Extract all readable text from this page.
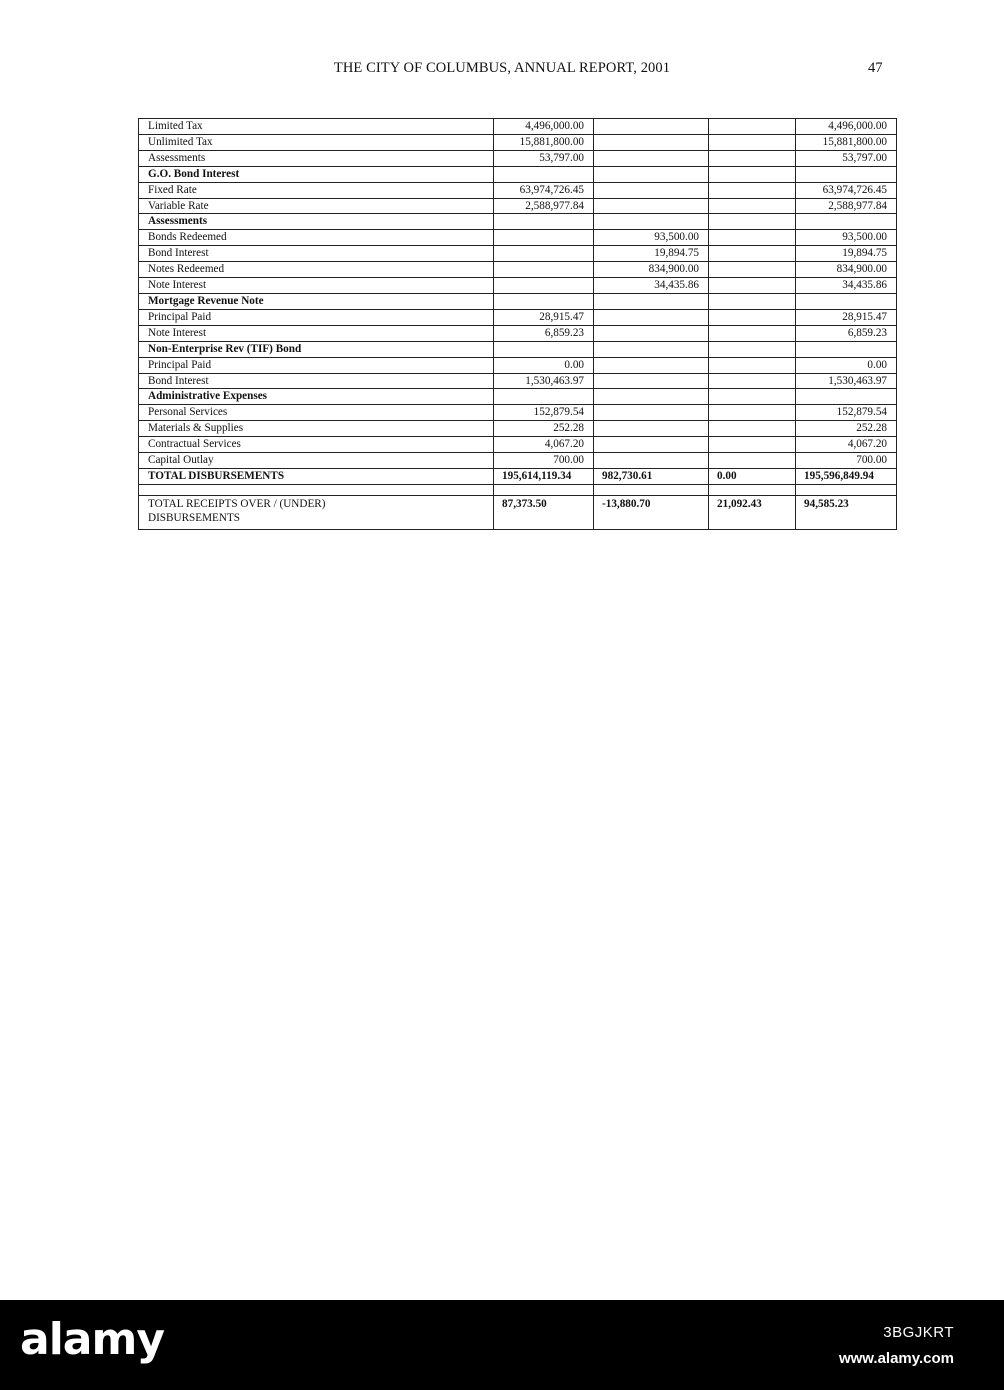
THE CITY OF COLUMBUS, ANNUAL REPORT, 2001	47
Limited Tax	4,496,000.00			4,496,000.00
Unlimited Tax	15,881,800.00			15,881,800.00
Assessments	53,797.00			53,797.00
G.O. Bond Interest				
Fixed Rate	63,974,726.45			63,974,726.45
Variable Rate	2,588,977.84			2,588,977.84
Assessments				
Bonds Redeemed		93,500.00		93,500.00
Bond Interest		19,894.75		19,894.75
Notes Redeemed		834,900.00		834,900.00
Note Interest		34,435.86		34,435.86
Mortgage Revenue Note				
Principal Paid	28,915.47			28,915.47
Note Interest	6,859.23			6,859.23
Non-Enterprise Rev (TIF) Bond				
Principal Paid	0.00			0.00
Bond Interest	1,530,463.97			1,530,463.97
Administrative Expenses				
Personal Services	152,879.54			152,879.54
Materials & Supplies	252.28			252.28
Contractual Services	4,067.20			4,067.20
Capital Outlay	700.00			700.00
TOTAL DISBURSEMENTS	195,614,119.34	982,730.61	0.00	195,596,849.94

TOTAL RECEIPTS OVER / (UNDER)
DISBURSEMENTS	87,373.50	-13,880.70	21,092.43	94,585.23
alamy	3BGJKRT
www.alamy.com
